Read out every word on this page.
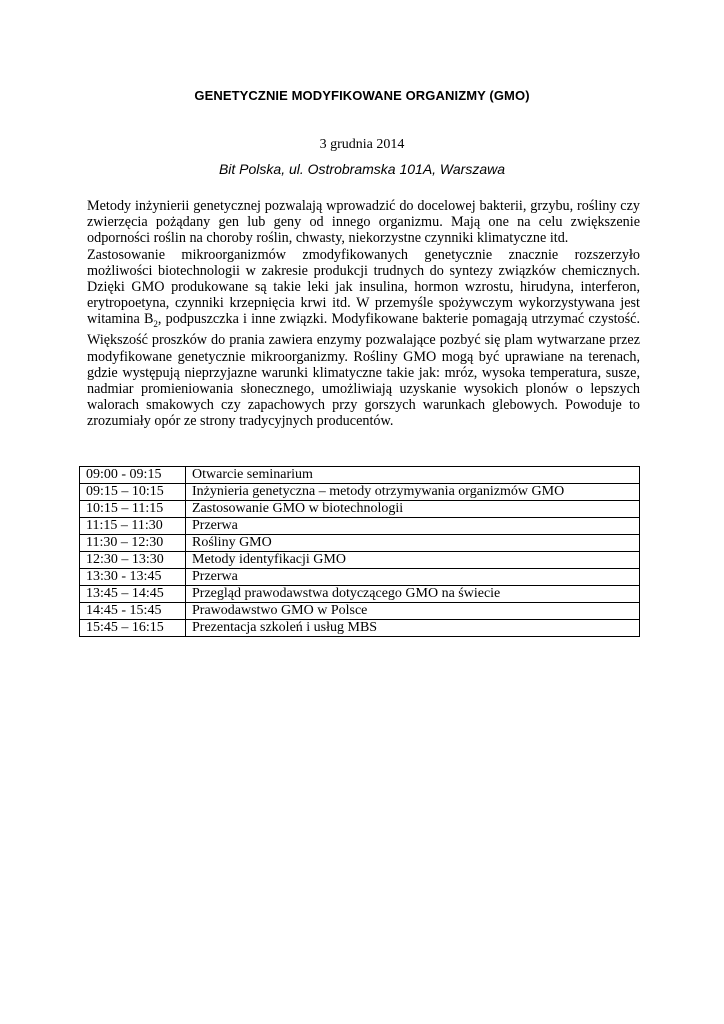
GENETYCZNIE MODYFIKOWANE ORGANIZMY (GMO)
3 grudnia 2014
Bit Polska, ul. Ostrobramska 101A, Warszawa

Metody inżynierii genetycznej pozwalają wprowadzić do docelowej bakterii, grzybu, rośliny czy zwierzęcia pożądany gen lub geny od innego organizmu. Mają one na celu zwiększenie odporności roślin na choroby roślin, chwasty, niekorzystne czynniki klimatyczne itd.

Zastosowanie mikroorganizmów zmodyfikowanych genetycznie znacznie rozszerzyło możliwości biotechnologii w zakresie produkcji trudnych do syntezy związków chemicznych. Dzięki GMO produkowane są takie leki jak insulina, hormon wzrostu, hirudyna, interferon, erytropoetyna, czynniki krzepnięcia krwi itd. W przemyśle spożywczym wykorzystywana jest witamina $B_2$, podpuszczka i inne związki. Modyfikowane bakterie pomagają utrzymać czystość. Większość proszków do prania zawiera enzymy pozwalające pozbyć się plam wytwarzane przez modyfikowane genetycznie mikroorganizmy. Rośliny GMO mogą być uprawiane na terenach, gdzie występują nieprzyjazne warunki klimatyczne takie jak: mróz, wysoka temperatura, susze, nadmiar promieniowania słonecznego, umożliwiają uzyskanie wysokich plonów o lepszych walorach smakowych czy zapachowych przy gorszych warunkach glebowych. Powoduje to zrozumiały opór ze strony tradycyjnych producentów.

09:00 - 09:15	Otwarcie seminarium
09:15 – 10:15	Inżynieria genetyczna – metody otrzymywania organizmów GMO
10:15 – 11:15	Zastosowanie GMO w biotechnologii
11:15 – 11:30	Przerwa
11:30 – 12:30	Rośliny GMO
12:30 – 13:30	Metody identyfikacji GMO
13:30 - 13:45	Przerwa
13:45 – 14:45	Przegląd prawodawstwa dotyczącego GMO na świecie
14:45 - 15:45	Prawodawstwo GMO w Polsce
15:45 – 16:15	Prezentacja szkoleń i usług MBS
